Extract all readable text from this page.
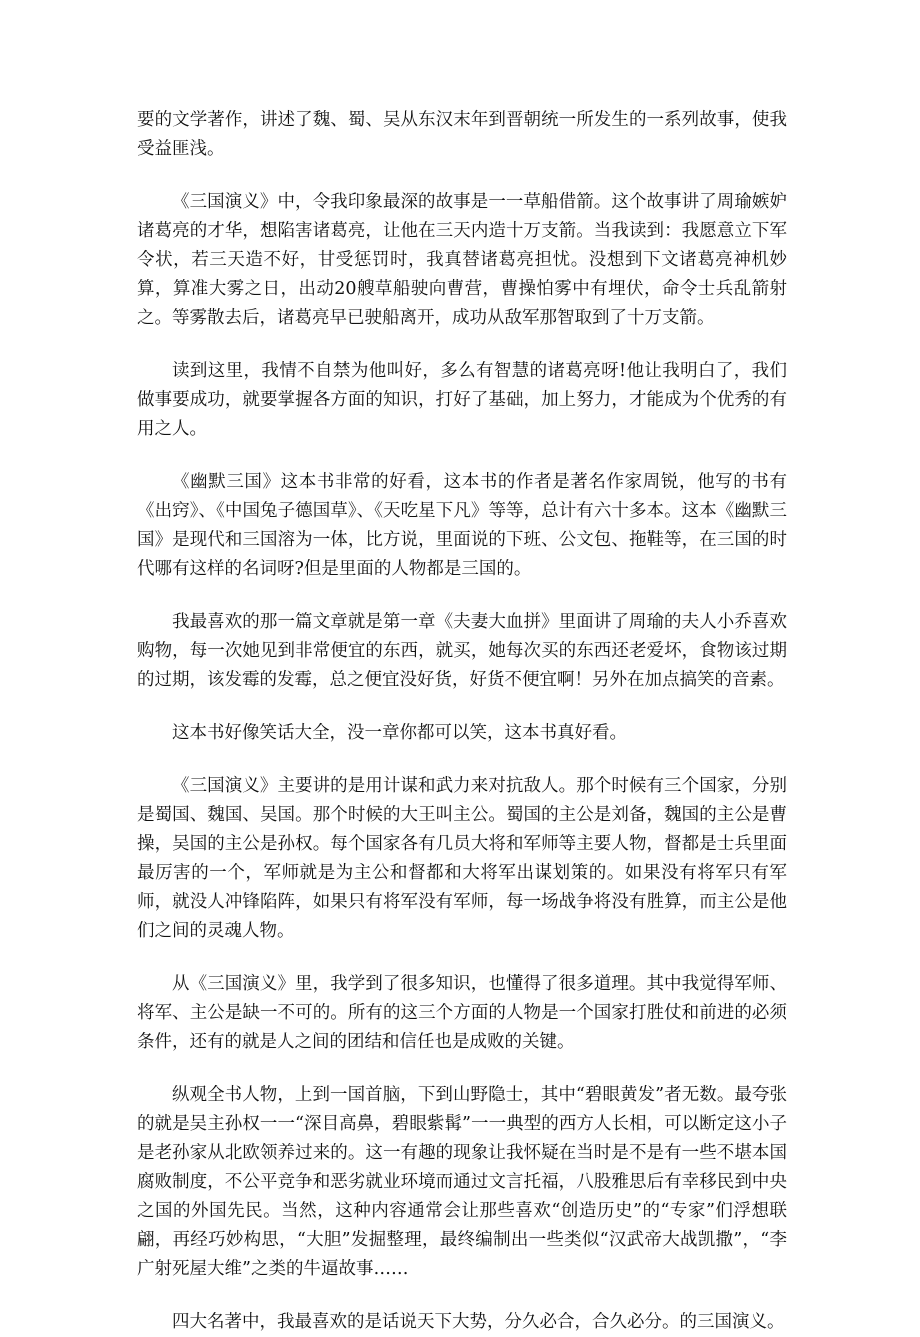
要的文学著作，讲述了魏、蜀、吴从东汉末年到晋朝统一所发生的一系列故事，使我受益匪浅。

《三国演义》中，令我印象最深的故事是一一草船借箭。这个故事讲了周瑜嫉妒诸葛亮的才华，想陷害诸葛亮，让他在三天内造十万支箭。当我读到：我愿意立下军令状，若三天造不好，甘受惩罚时，我真替诸葛亮担忧。没想到下文诸葛亮神机妙算，算准大雾之日，出动20艘草船驶向曹营，曹操怕雾中有埋伏，命令士兵乱箭射之。等雾散去后，诸葛亮早已驶船离开，成功从敌军那智取到了十万支箭。

读到这里，我情不自禁为他叫好，多么有智慧的诸葛亮呀!他让我明白了，我们做事要成功，就要掌握各方面的知识，打好了基础，加上努力，才能成为个优秀的有用之人。

《幽默三国》这本书非常的好看，这本书的作者是著名作家周锐，他写的书有《出窍》、《中国兔子德国草》、《天吃星下凡》等等，总计有六十多本。这本《幽默三国》是现代和三国溶为一体，比方说，里面说的下班、公文包、拖鞋等，在三国的时代哪有这样的名词呀?但是里面的人物都是三国的。

我最喜欢的那一篇文章就是第一章《夫妻大血拼》里面讲了周瑜的夫人小乔喜欢购物，每一次她见到非常便宜的东西，就买，她每次买的东西还老爱坏，食物该过期的过期，该发霉的发霉，总之便宜没好货，好货不便宜啊！另外在加点搞笑的音素。

这本书好像笑话大全，没一章你都可以笑，这本书真好看。

《三国演义》主要讲的是用计谋和武力来对抗敌人。那个时候有三个国家，分别是蜀国、魏国、吴国。那个时候的大王叫主公。蜀国的主公是刘备，魏国的主公是曹操，吴国的主公是孙权。每个国家各有几员大将和军师等主要人物，督都是士兵里面最厉害的一个，军师就是为主公和督都和大将军出谋划策的。如果没有将军只有军师，就没人冲锋陷阵，如果只有将军没有军师，每一场战争将没有胜算，而主公是他们之间的灵魂人物。

从《三国演义》里，我学到了很多知识，也懂得了很多道理。其中我觉得军师、将军、主公是缺一不可的。所有的这三个方面的人物是一个国家打胜仗和前进的必须条件，还有的就是人之间的团结和信任也是成败的关键。

纵观全书人物，上到一国首脑，下到山野隐士，其中“碧眼黄发”者无数。最夸张的就是吴主孙权一一“深目高鼻，碧眼紫髯”一一典型的西方人长相，可以断定这小子是老孙家从北欧领养过来的。这一有趣的现象让我怀疑在当时是不是有一些不堪本国腐败制度，不公平竞争和恶劣就业环境而通过文言托福，八股雅思后有幸移民到中央之国的外国先民。当然，这种内容通常会让那些喜欢“创造历史”的“专家”们浮想联翩，再经巧妙构思，“大胆”发掘整理，最终编制出一些类似“汉武帝大战凯撒”，“李广射死屋大维”之类的牛逼故事……

四大名著中，我最喜欢的是话说天下大势，分久必合，合久必分。的三国演义。
